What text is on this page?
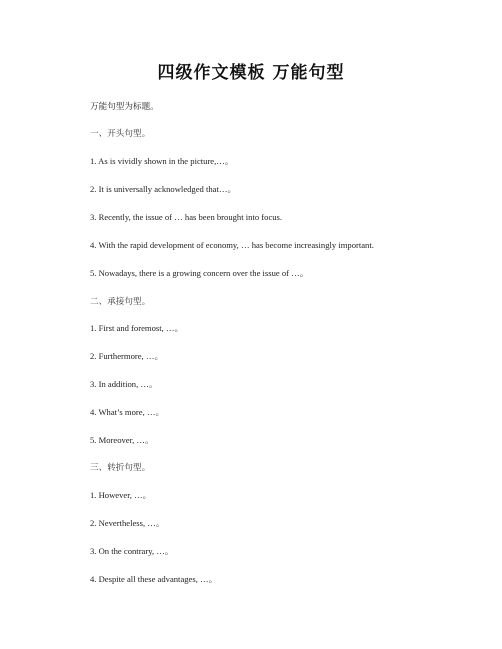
四级作文模板 万能句型
万能句型为标题。
一、开头句型。
1. As is vividly shown in the picture,…。
2. It is universally acknowledged that…。
3. Recently, the issue of … has been brought into focus.
4. With the rapid development of economy, … has become increasingly important.
5. Nowadays, there is a growing concern over the issue of …。
二、承接句型。
1. First and foremost, …。
2. Furthermore, …。
3. In addition, …。
4. What’s more, …。
5. Moreover, …。
三、转折句型。
1. However, …。
2. Nevertheless, …。
3. On the contrary, …。
4. Despite all these advantages, …。
